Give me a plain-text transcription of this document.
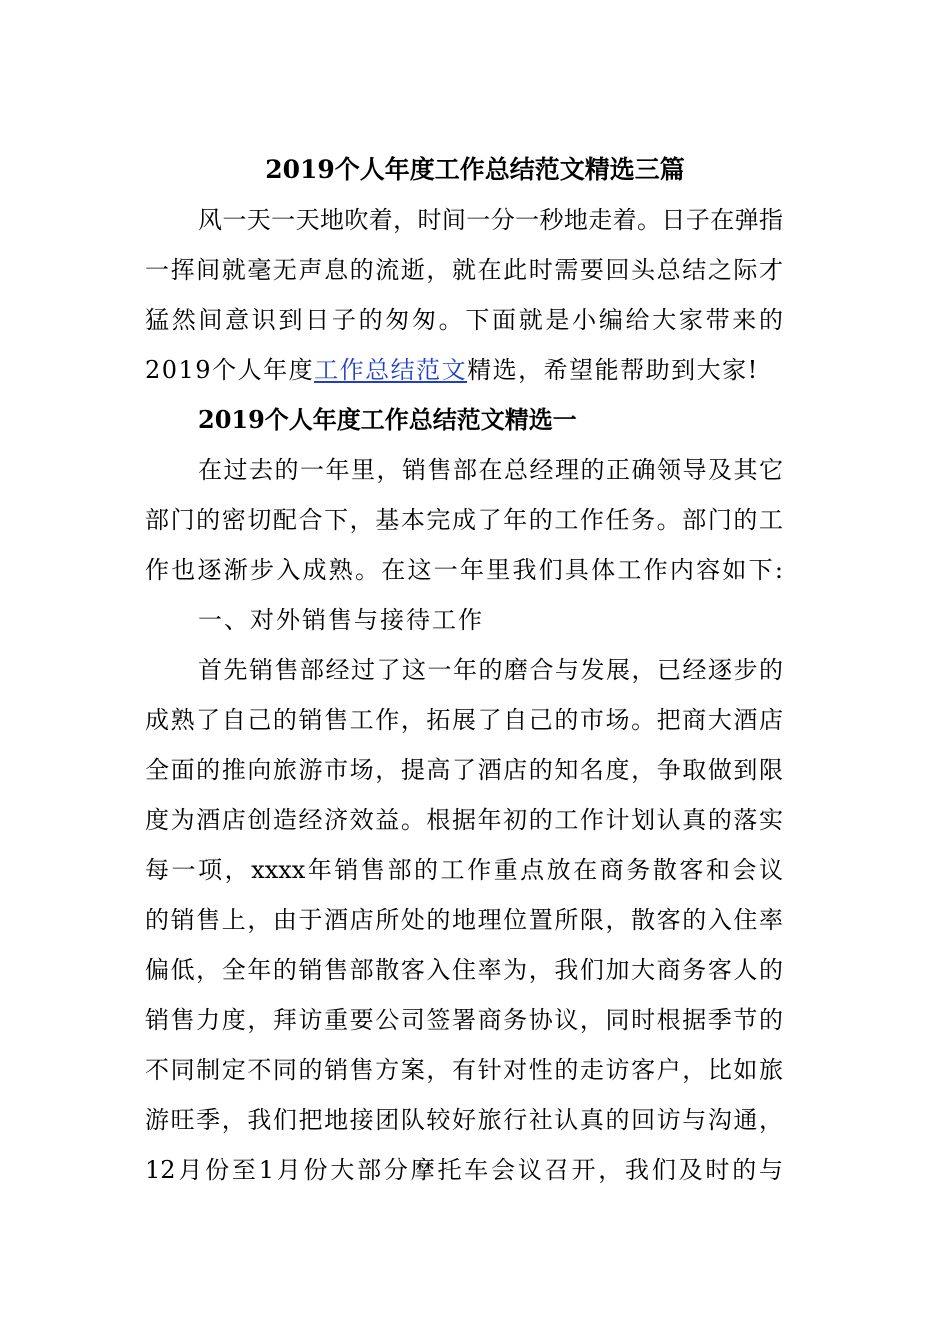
2019个人年度工作总结范文精选三篇
风一天一天地吹着，时间一分一秒地走着。日子在弹指
一挥间就毫无声息的流逝，就在此时需要回头总结之际才
猛然间意识到日子的匆匆。下面就是小编给大家带来的
2019个人年度工作总结范文精选，希望能帮助到大家!
2019个人年度工作总结范文精选一
在过去的一年里，销售部在总经理的正确领导及其它
部门的密切配合下，基本完成了年的工作任务。部门的工
作也逐渐步入成熟。在这一年里我们具体工作内容如下:
一、对外销售与接待工作
首先销售部经过了这一年的磨合与发展，已经逐步的
成熟了自己的销售工作，拓展了自己的市场。把商大酒店
全面的推向旅游市场，提高了酒店的知名度，争取做到限
度为酒店创造经济效益。根据年初的工作计划认真的落实
每一项，xxxx年销售部的工作重点放在商务散客和会议
的销售上，由于酒店所处的地理位置所限，散客的入住率
偏低，全年的销售部散客入住率为，我们加大商务客人的
销售力度，拜访重要公司签署商务协议，同时根据季节的
不同制定不同的销售方案，有针对性的走访客户，比如旅
游旺季，我们把地接团队较好旅行社认真的回访与沟通，
12月份至1月份大部分摩托车会议召开，我们及时的与
